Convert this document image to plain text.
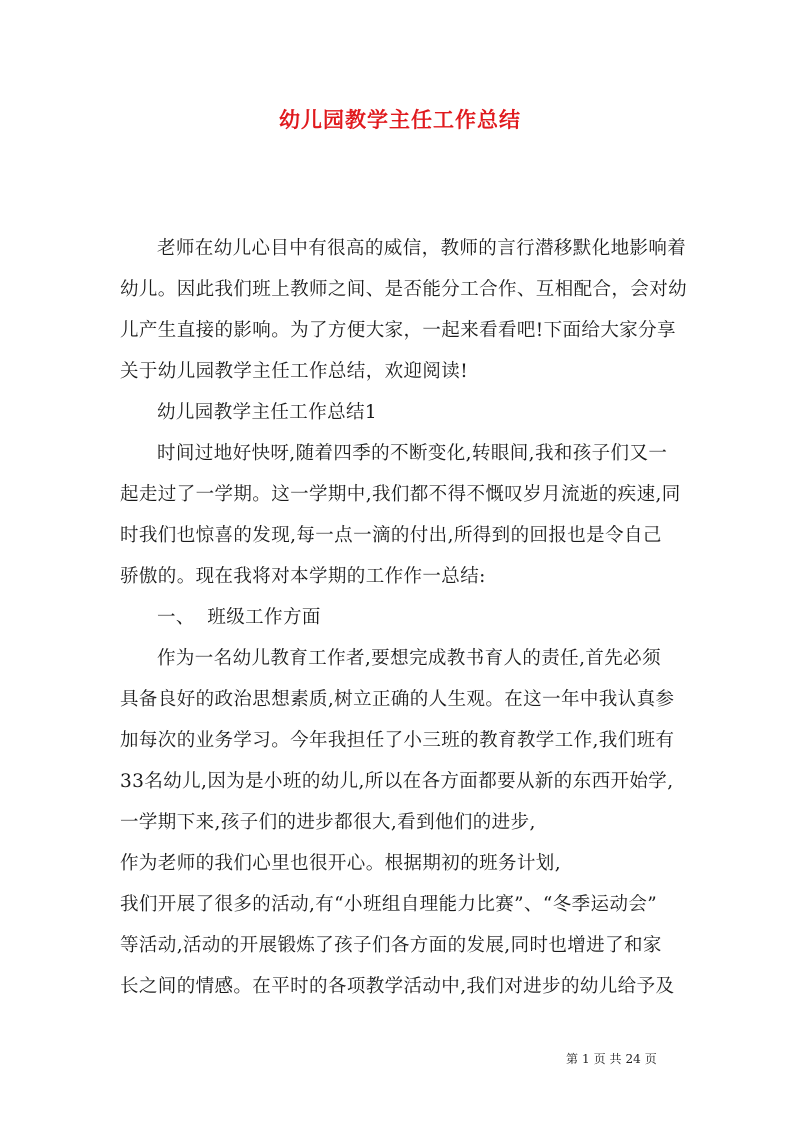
幼儿园教学主任工作总结
老师在幼儿心目中有很高的威信，教师的言行潜移默化地影响着
幼儿。因此我们班上教师之间、是否能分工合作、互相配合，会对幼
儿产生直接的影响。为了方便大家，一起来看看吧!下面给大家分享
关于幼儿园教学主任工作总结，欢迎阅读!
幼儿园教学主任工作总结1
时间过地好快呀,随着四季的不断变化,转眼间,我和孩子们又一
起走过了一学期。这一学期中,我们都不得不慨叹岁月流逝的疾速,同
时我们也惊喜的发现,每一点一滴的付出,所得到的回报也是令自己
骄傲的。现在我将对本学期的工作作一总结:
一、  班级工作方面
作为一名幼儿教育工作者,要想完成教书育人的责任,首先必须
具备良好的政治思想素质,树立正确的人生观。在这一年中我认真参
加每次的业务学习。今年我担任了小三班的教育教学工作,我们班有
33名幼儿,因为是小班的幼儿,所以在各方面都要从新的东西开始学,
一学期下来,孩子们的进步都很大,看到他们的进步,
作为老师的我们心里也很开心。根据期初的班务计划,
我们开展了很多的活动,有“小班组自理能力比赛”、“冬季运动会”
等活动,活动的开展锻炼了孩子们各方面的发展,同时也增进了和家
长之间的情感。在平时的各项教学活动中,我们对进步的幼儿给予及
第 1 页 共 24 页
